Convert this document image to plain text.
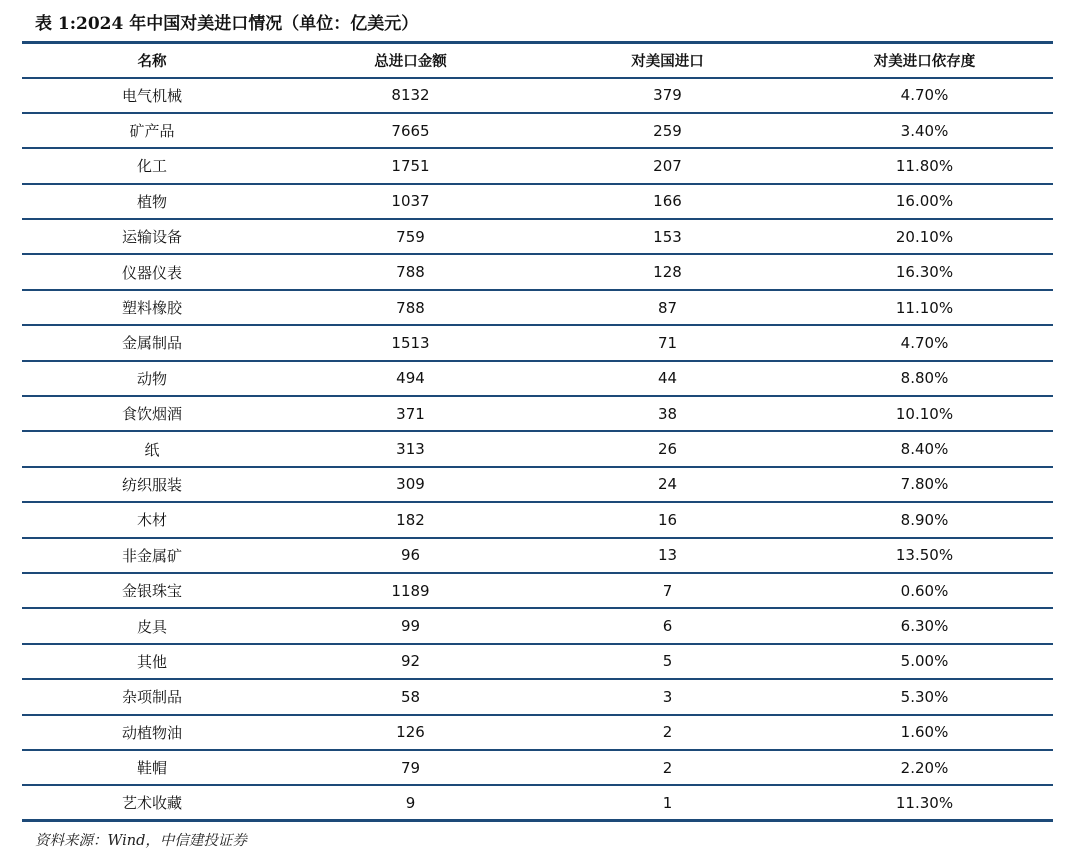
表 1:2024 年中国对美进口情况（单位：亿美元）
名称	总进口金额	对美国进口	对美进口依存度
电气机械	8132	379	4.70%
矿产品	7665	259	3.40%
化工	1751	207	11.80%
植物	1037	166	16.00%
运输设备	759	153	20.10%
仪器仪表	788	128	16.30%
塑料橡胶	788	87	11.10%
金属制品	1513	71	4.70%
动物	494	44	8.80%
食饮烟酒	371	38	10.10%
纸	313	26	8.40%
纺织服装	309	24	7.80%
木材	182	16	8.90%
非金属矿	96	13	13.50%
金银珠宝	1189	7	0.60%
皮具	99	6	6.30%
其他	92	5	5.00%
杂项制品	58	3	5.30%
动植物油	126	2	1.60%
鞋帽	79	2	2.20%
艺术收藏	9	1	11.30%
资料来源：Wind，中信建投证券
